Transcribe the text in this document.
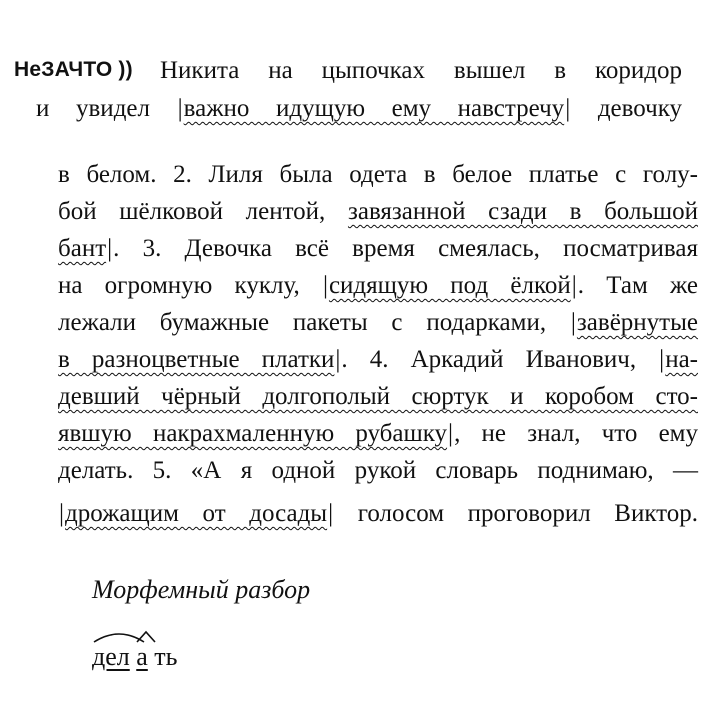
НеЗАЧТО )) Никита на цыпочках вышел в коридор
и увидел |важно идущую ему навстречу| девочку
в белом. 2. Лиля была одета в белое платье с голу-
бой шёлковой лентой, завязанной сзади в большой
бант|. 3. Девочка всё время смеялась, посматривая
на огромную куклу, |сидящую под ёлкой|. Там же
лежали бумажные пакеты с подарками, |завёрнутые
в разноцветные платки|. 4. Аркадий Иванович, |на-
девший чёрный долгополый сюртук и коробом сто-
явшую накрахмаленную рубашку|, не знал, что ему
делать. 5. «А я одной рукой словарь поднимаю, —
|дрожащим от досады| голосом проговорил Виктор.
Морфемный разбор
дел а ть
